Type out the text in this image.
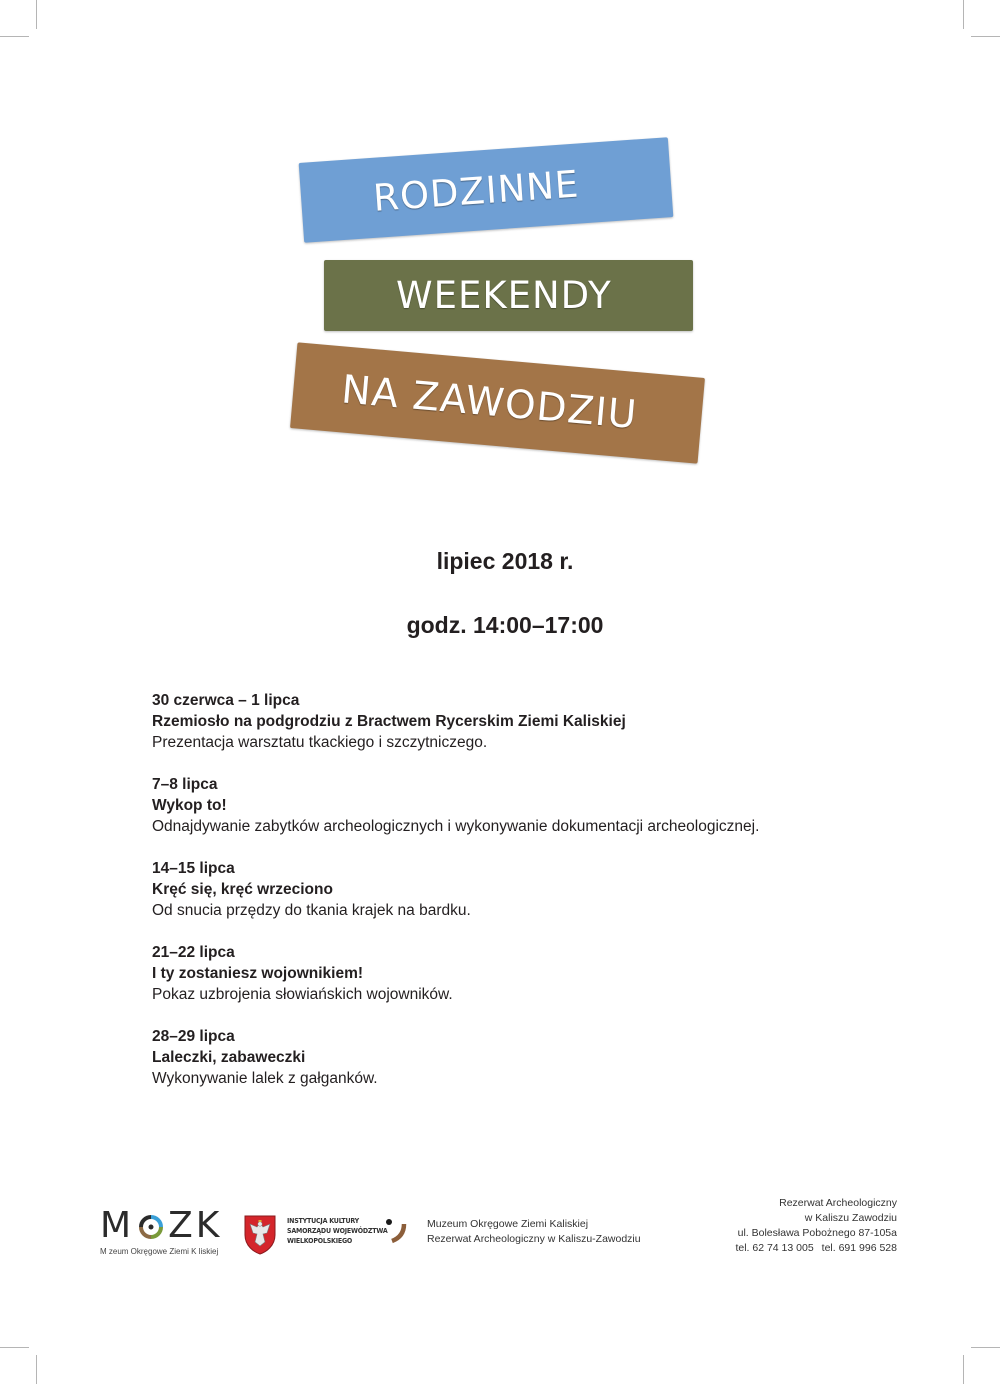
RODZINNE
WEEKENDY
NA ZAWODZIU
lipiec 2018 r.
godz. 14:00–17:00
30 czerwca – 1 lipca
Rzemiosło na podgrodziu z Bractwem Rycerskim Ziemi Kaliskiej
Prezentacja warsztatu tkackiego i szczytniczego.
7–8 lipca
Wykop to!
Odnajdywanie zabytków archeologicznych i wykonywanie dokumentacji archeologicznej.
14–15 lipca
Kręć się, kręć wrzeciono
Od snucia przędzy do tkania krajek na bardku.
21–22 lipca
I ty zostaniesz wojownikiem!
Pokaz uzbrojenia słowiańskich wojowników.
28–29 lipca
Laleczki, zabaweczki
Wykonywanie lalek z gałganków.
M ZK
M zeum Okręgowe Ziemi K liskiej
INSTYTUCJA KULTURY
SAMORZĄDU WOJEWÓDZTWA
WIELKOPOLSKIEGO
Muzeum Okręgowe Ziemi Kaliskiej
Rezerwat Archeologiczny w Kaliszu-Zawodziu
Rezerwat Archeologiczny
w Kaliszu Zawodziu
ul. Bolesława Pobożnego 87-105a
tel. 62 74 13 005 tel. 691 996 528
